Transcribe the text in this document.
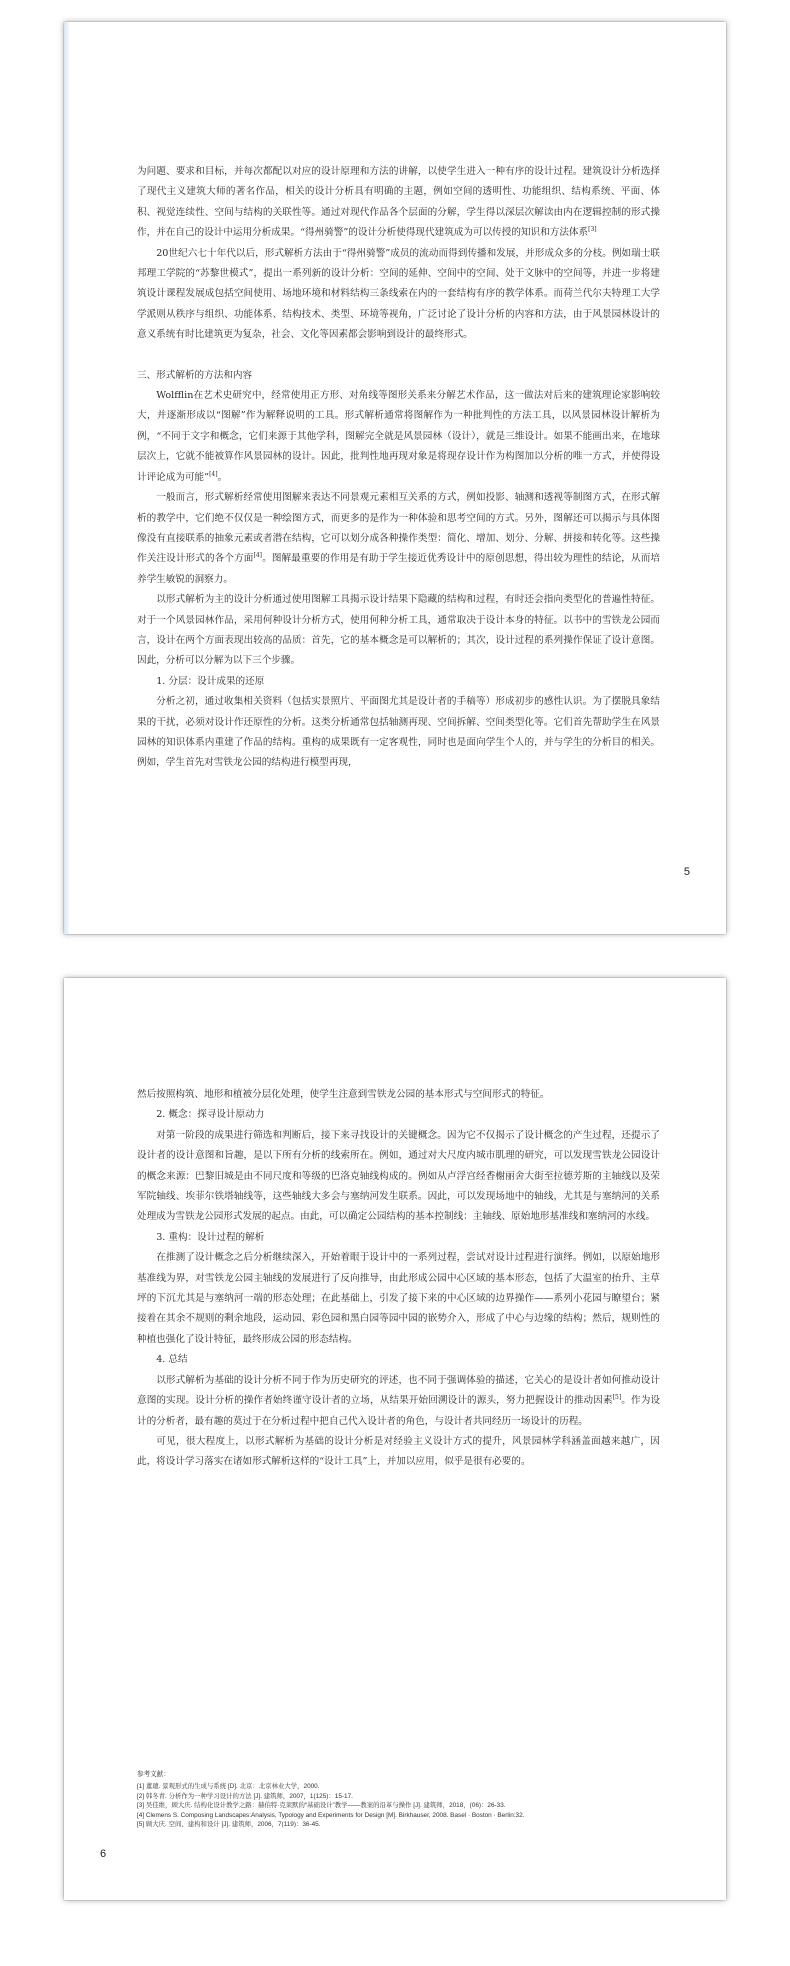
为问题、要求和目标，并每次都配以对应的设计原理和方法的讲解，以使学生进入一种有序的设计过程。建筑设计分析选择了现代主义建筑大师的著名作品，相关的设计分析具有明确的主题，例如空间的透明性、功能组织、结构系统、平面、体积、视觉连续性、空间与结构的关联性等。通过对现代作品各个层面的分解，学生得以深层次解读由内在逻辑控制的形式操作，并在自己的设计中运用分析成果。“得州骑警”的设计分析使得现代建筑成为可以传授的知识和方法体系[3]

20世纪六七十年代以后，形式解析方法由于“得州骑警”成员的流动而得到传播和发展，并形成众多的分枝。例如瑞士联邦理工学院的“苏黎世模式”，提出一系列新的设计分析：空间的延伸、空间中的空间、处于文脉中的空间等，并进一步将建筑设计课程发展成包括空间使用、场地环境和材料结构三条线索在内的一套结构有序的教学体系。而荷兰代尔夫特理工大学学派则从秩序与组织、功能体系、结构技术、类型、环境等视角，广泛讨论了设计分析的内容和方法，由于风景园林设计的意义系统有时比建筑更为复杂，社会、文化等因素都会影响到设计的最终形式。

三、形式解析的方法和内容

Wolfflin在艺术史研究中，经常使用正方形、对角线等图形关系来分解艺术作品，这一做法对后来的建筑理论家影响较大，并逐渐形成以“图解”作为解释说明的工具。形式解析通常将图解作为一种批判性的方法工具，以风景园林设计解析为例，“不同于文字和概念，它们来源于其他学科，图解完全就是风景园林（设计），就是三维设计。如果不能画出来，在地球层次上，它就不能被算作风景园林的设计。因此，批判性地再现对象是将现存设计作为构图加以分析的唯一方式，并使得设计评论成为可能”[4]。

一般而言，形式解析经常使用图解来表达不同景观元素相互关系的方式，例如投影、轴测和透视等制图方式，在形式解析的教学中，它们绝不仅仅是一种绘图方式，而更多的是作为一种体验和思考空间的方式。另外，图解还可以揭示与具体图像没有直接联系的抽象元素或者潜在结构，它可以划分成各种操作类型：简化、增加、划分、分解、拼接和转化等。这些操作关注设计形式的各个方面[4]。图解最重要的作用是有助于学生接近优秀设计中的原创思想，得出较为理性的结论，从而培养学生敏锐的洞察力。

以形式解析为主的设计分析通过使用图解工具揭示设计结果下隐藏的结构和过程，有时还会指向类型化的普遍性特征。对于一个风景园林作品，采用何种设计分析方式，使用何种分析工具，通常取决于设计本身的特征。以书中的雪铁龙公园而言，设计在两个方面表现出较高的品质：首先，它的基本概念是可以解析的；其次，设计过程的系列操作保证了设计意图。因此，分析可以分解为以下三个步骤。

1. 分层：设计成果的还原

分析之初，通过收集相关资料（包括实景照片、平面图尤其是设计者的手稿等）形成初步的感性认识。为了摆脱具象结果的干扰，必须对设计作还原性的分析。这类分析通常包括轴测再现、空间拆解、空间类型化等。它们首先帮助学生在风景园林的知识体系内重建了作品的结构。重构的成果既有一定客观性，同时也是面向学生个人的，并与学生的分析目的相关。例如，学生首先对雪铁龙公园的结构进行模型再现，

5

然后按照构筑、地形和植被分层化处理，使学生注意到雪铁龙公园的基本形式与空间形式的特征。

2. 概念：探寻设计原动力

对第一阶段的成果进行筛选和判断后，接下来寻找设计的关键概念。因为它不仅揭示了设计概念的产生过程，还提示了设计者的设计意图和旨趣，是以下所有分析的线索所在。例如，通过对大尺度内城市肌理的研究，可以发现雪铁龙公园设计的概念来源：巴黎旧城是由不同尺度和等级的巴洛克轴线构成的。例如从卢浮宫经香榭丽舍大街至拉德芳斯的主轴线以及荣军院轴线、埃菲尔铁塔轴线等，这些轴线大多会与塞纳河发生联系。因此，可以发现场地中的轴线，尤其是与塞纳河的关系处理成为雪铁龙公园形式发展的起点。由此，可以确定公园结构的基本控制线：主轴线、原始地形基准线和塞纳河的水线。

3. 重构：设计过程的解析

在推测了设计概念之后分析继续深入，开始着眼于设计中的一系列过程，尝试对设计过程进行演绎。例如，以原始地形基准线为界，对雪铁龙公园主轴线的发展进行了反向推导，由此形成公园中心区域的基本形态，包括了大温室的抬升、主草坪的下沉尤其是与塞纳河一端的形态处理；在此基础上，引发了接下来的中心区域的边界操作——系列小花园与瞭望台；紧接着在其余不规则的剩余地段，运动园、彩色园和黑白园等园中园的嵌势介入，形成了中心与边缘的结构；然后，规则性的种植也强化了设计特征，最终形成公园的形态结构。

4. 总结

以形式解析为基础的设计分析不同于作为历史研究的评述，也不同于强调体验的描述，它关心的是设计者如何推动设计意图的实现。设计分析的操作者始终谨守设计者的立场，从结果开始回溯设计的源头，努力把握设计的推动因素[5]。作为设计的分析者，最有趣的莫过于在分析过程中把自己代入设计者的角色，与设计者共同经历一场设计的历程。

可见，很大程度上，以形式解析为基础的设计分析是对经验主义设计方式的提升，风景园林学科涵盖面越来越广，因此，将设计学习落实在诸如形式解析这样的“设计工具”上，并加以应用，似乎是很有必要的。

参考文献：
[1] 董璁. 景观形式的生成与系统 [D]. 北京：北京林业大学，2000.
[2] 韩冬青. 分析作为一种学习设计的方法 [J]. 建筑师，2007，1(125)：15-17.
[3] 吴佳维，顾大庆. 结构化设计教学之路：赫伯特·克莱默的“基础设计”教学——教案的沿革与操作 [J]. 建筑师，2018，(06)：26-33.
[4] Clemens S. Composing Landscapes:Analysis, Typology and Experiments for Design [M]. Birkhauser, 2008. Basel · Boston · Berlin:32.
[5] 顾大庆. 空间、建构和设计 [J]. 建筑师，2006，7(119)：36-45.
6
